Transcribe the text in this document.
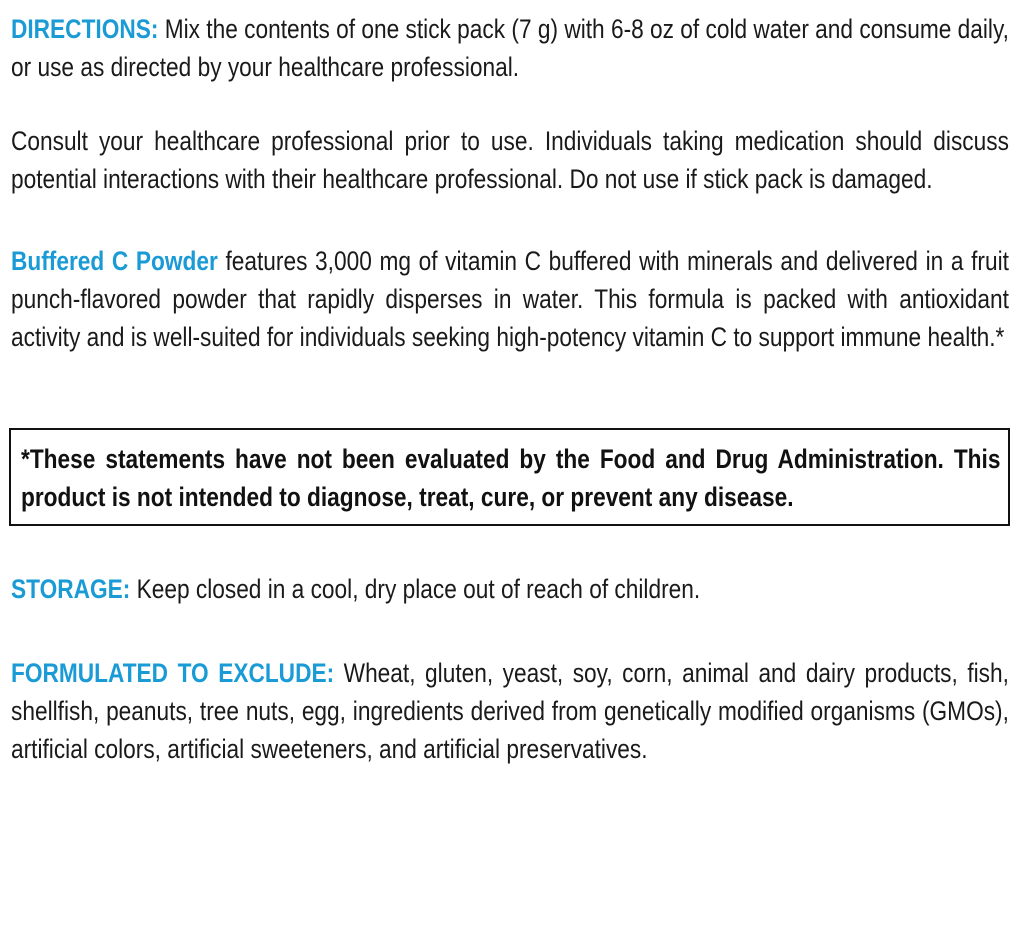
DIRECTIONS: Mix the contents of one stick pack (7 g) with 6-8 oz of cold water and consume daily, or use as directed by your healthcare professional.

Consult your healthcare professional prior to use. Individuals taking medication should discuss potential interactions with their healthcare professional. Do not use if stick pack is damaged.

Buffered C Powder features 3,000 mg of vitamin C buffered with minerals and delivered in a fruit punch-flavored powder that rapidly disperses in water. This formula is packed with antioxidant activity and is well-suited for individuals seeking high-potency vitamin C to support immune health.*

*These statements have not been evaluated by the Food and Drug Administration. This product is not intended to diagnose, treat, cure, or prevent any disease.

STORAGE: Keep closed in a cool, dry place out of reach of children.

FORMULATED TO EXCLUDE: Wheat, gluten, yeast, soy, corn, animal and dairy products, fish, shellfish, peanuts, tree nuts, egg, ingredients derived from genetically modified organisms (GMOs), artificial colors, artificial sweeteners, and artificial preservatives.
